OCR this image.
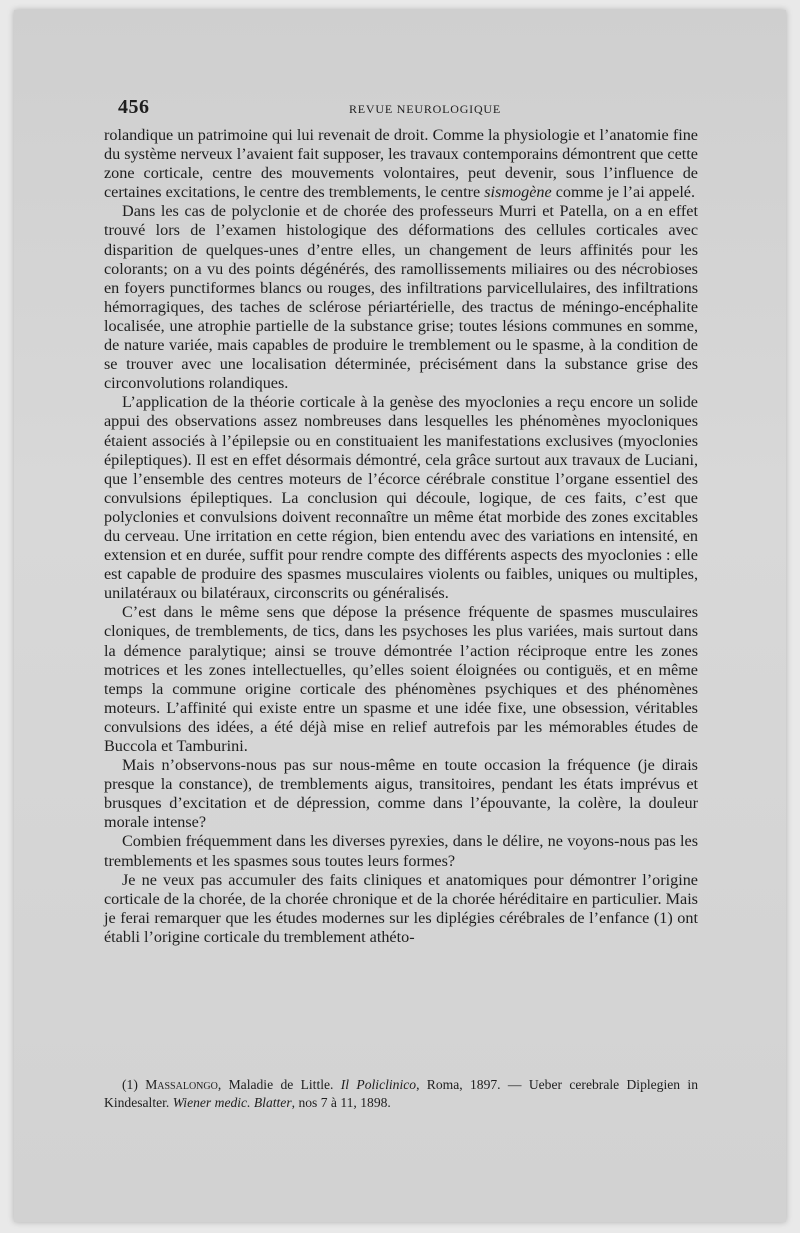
456	REVUE NEUROLOGIQUE

rolandique un patrimoine qui lui revenait de droit. Comme la physiologie et l’anatomie fine du système nerveux l’avaient fait supposer, les travaux contemporains démontrent que cette zone corticale, centre des mouvements volontaires, peut devenir, sous l’influence de certaines excitations, le centre des tremblements, le centre sismogène comme je l’ai appelé.

Dans les cas de polyclonie et de chorée des professeurs Murri et Patella, on a en effet trouvé lors de l’examen histologique des déformations des cellules corticales avec disparition de quelques-unes d’entre elles, un changement de leurs affinités pour les colorants; on a vu des points dégénérés, des ramollissements miliaires ou des nécrobioses en foyers punctiformes blancs ou rouges, des infiltrations parvicellulaires, des infiltrations hémorragiques, des taches de sclérose périartérielle, des tractus de méningo-encéphalite localisée, une atrophie partielle de la substance grise; toutes lésions communes en somme, de nature variée, mais capables de produire le tremblement ou le spasme, à la condition de se trouver avec une localisation déterminée, précisément dans la substance grise des circonvolutions rolandiques.

L’application de la théorie corticale à la genèse des myoclonies a reçu encore un solide appui des observations assez nombreuses dans lesquelles les phénomènes myocloniques étaient associés à l’épilepsie ou en constituaient les manifestations exclusives (myoclonies épileptiques). Il est en effet désormais démontré, cela grâce surtout aux travaux de Luciani, que l’ensemble des centres moteurs de l’écorce cérébrale constitue l’organe essentiel des convulsions épileptiques. La conclusion qui découle, logique, de ces faits, c’est que polyclonies et convulsions doivent reconnaître un même état morbide des zones excitables du cerveau. Une irritation en cette région, bien entendu avec des variations en intensité, en extension et en durée, suffit pour rendre compte des différents aspects des myoclonies : elle est capable de produire des spasmes musculaires violents ou faibles, uniques ou multiples, unilatéraux ou bilatéraux, circonscrits ou généralisés.

C’est dans le même sens que dépose la présence fréquente de spasmes musculaires cloniques, de tremblements, de tics, dans les psychoses les plus variées, mais surtout dans la démence paralytique; ainsi se trouve démontrée l’action réciproque entre les zones motrices et les zones intellectuelles, qu’elles soient éloignées ou contiguës, et en même temps la commune origine corticale des phénomènes psychiques et des phénomènes moteurs. L’affinité qui existe entre un spasme et une idée fixe, une obsession, véritables convulsions des idées, a été déjà mise en relief autrefois par les mémorables études de Buccola et Tamburini.

Mais n’observons-nous pas sur nous-même en toute occasion la fréquence (je dirais presque la constance), de tremblements aigus, transitoires, pendant les états imprévus et brusques d’excitation et de dépression, comme dans l’épouvante, la colère, la douleur morale intense?

Combien fréquemment dans les diverses pyrexies, dans le délire, ne voyons-nous pas les tremblements et les spasmes sous toutes leurs formes?

Je ne veux pas accumuler des faits cliniques et anatomiques pour démontrer l’origine corticale de la chorée, de la chorée chronique et de la chorée héréditaire en particulier. Mais je ferai remarquer que les études modernes sur les diplégies cérébrales de l’enfance (1) ont établi l’origine corticale du tremblement athéto-

(1) Massalongo, Maladie de Little. Il Policlinico, Roma, 1897. — Ueber cerebrale Diplegien in Kindesalter. Wiener medic. Blatter, nos 7 à 11, 1898.
